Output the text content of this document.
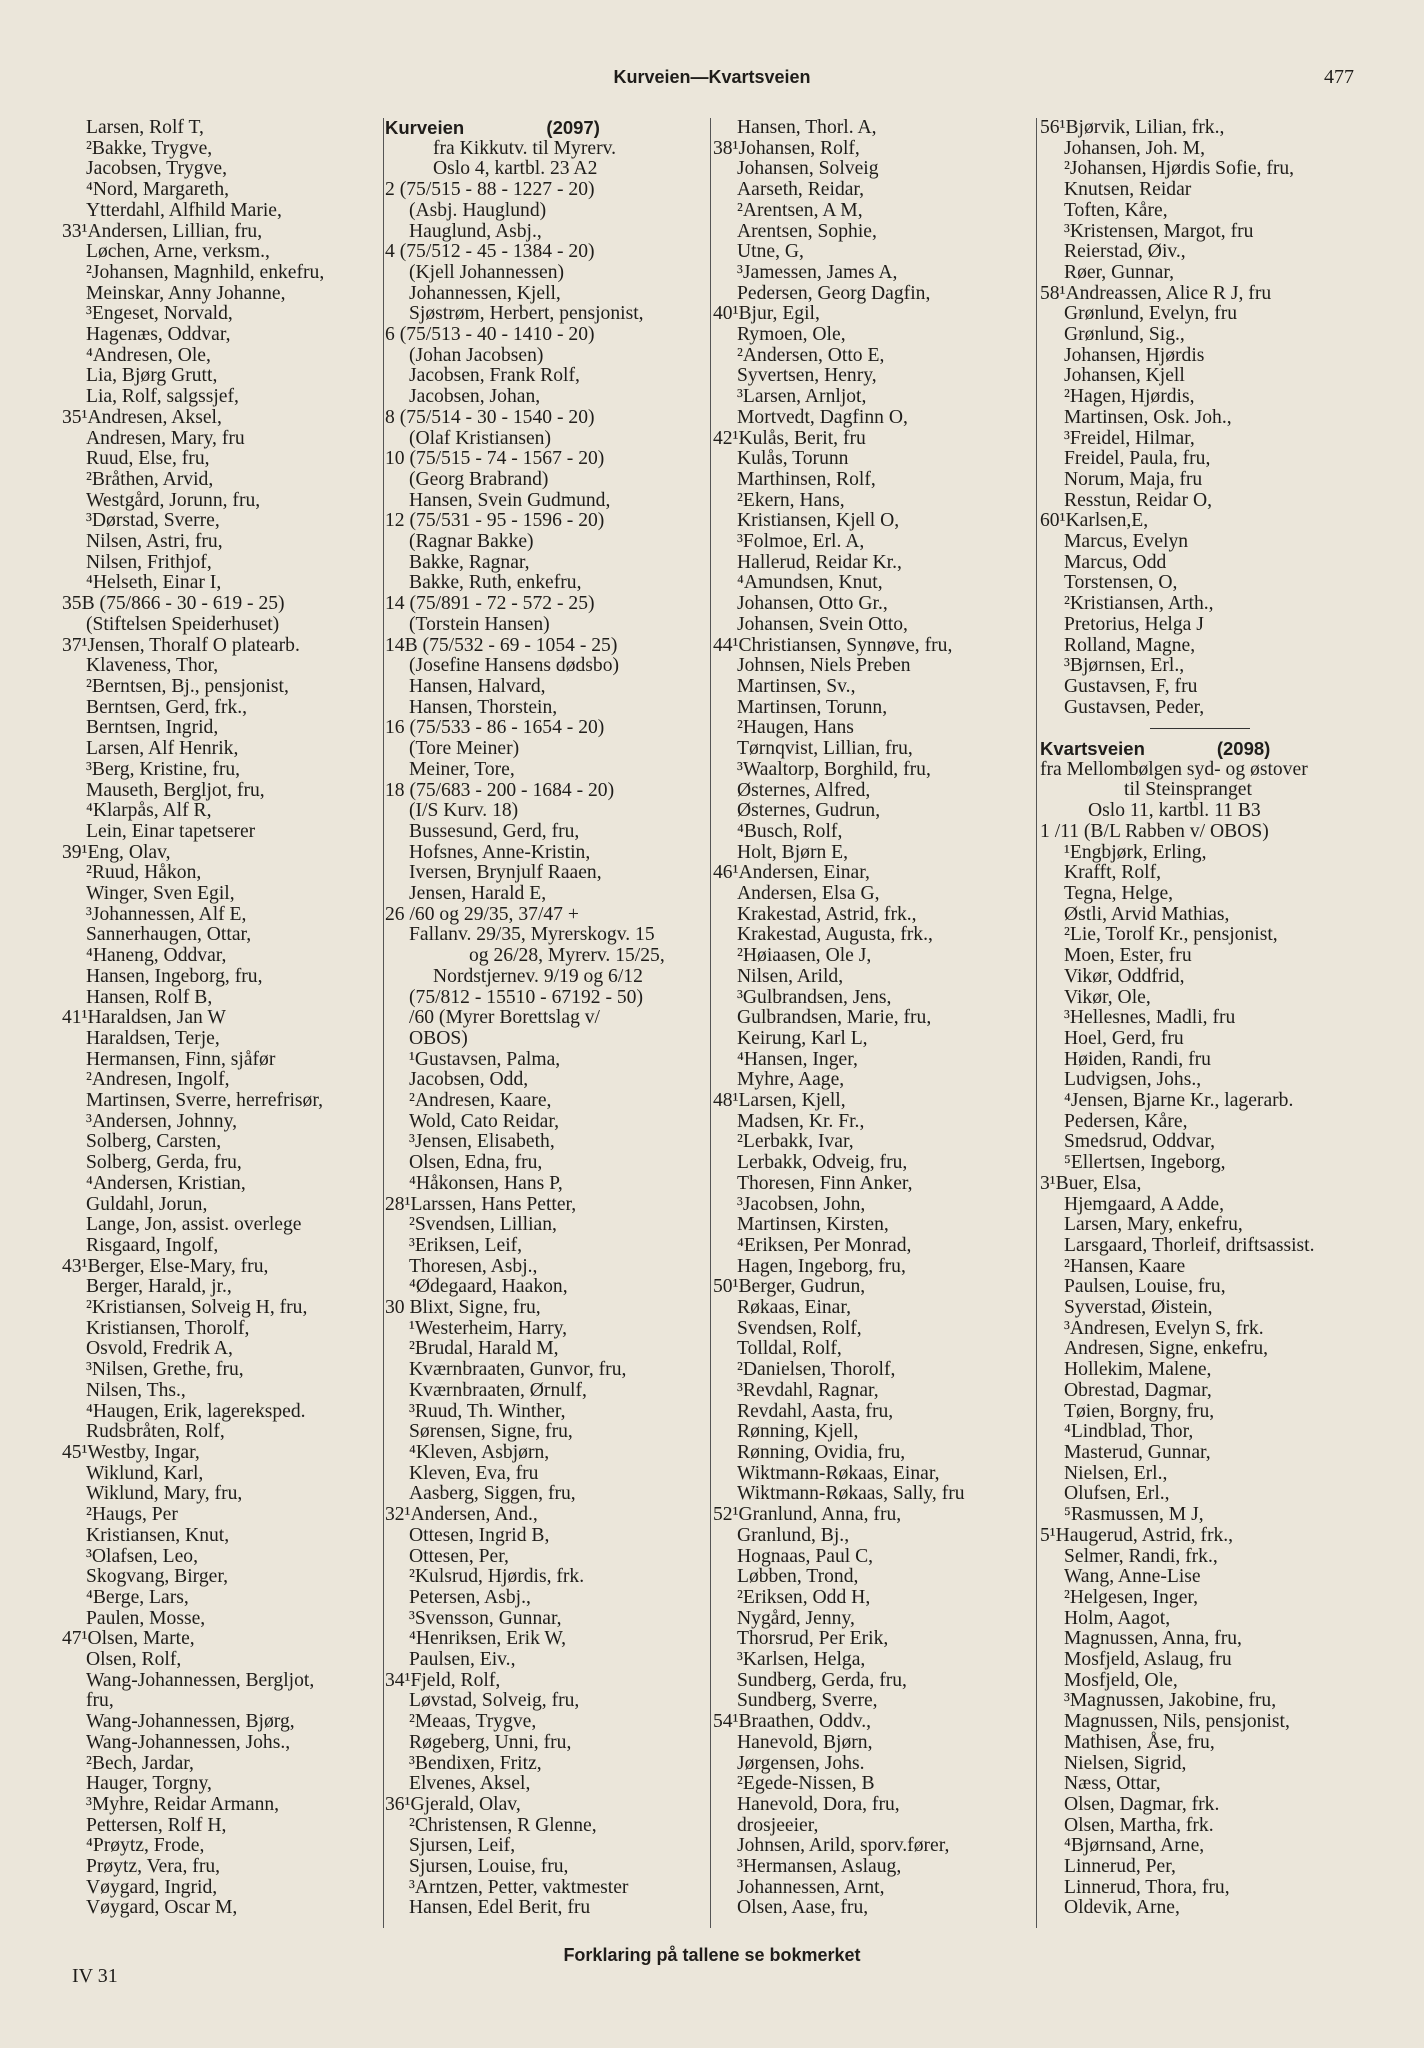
Kurveien—Kvartsveien	477
Larsen, Rolf T,
²Bakke, Trygve,
Jacobsen, Trygve,
⁴Nord, Margareth,
Ytterdahl, Alfhild Marie,
33¹Andersen, Lillian, fru,
Løchen, Arne, verksm.,
²Johansen, Magnhild, enkefru,
Meinskar, Anny Johanne,
³Engeset, Norvald,
Hagenæs, Oddvar,
⁴Andresen, Ole,
Lia, Bjørg Grutt,
Lia, Rolf, salgssjef,
35¹Andresen, Aksel,
Andresen, Mary, fru
Ruud, Else, fru,
²Bråthen, Arvid,
Westgård, Jorunn, fru,
³Dørstad, Sverre,
Nilsen, Astri, fru,
Nilsen, Frithjof,
⁴Helseth, Einar I,
35B (75/866 - 30 - 619 - 25)
(Stiftelsen Speiderhuset)
37¹Jensen, Thoralf O platearb.
Klaveness, Thor,
²Berntsen, Bj., pensjonist,
Berntsen, Gerd, frk.,
Berntsen, Ingrid,
Larsen, Alf Henrik,
³Berg, Kristine, fru,
Mauseth, Bergljot, fru,
⁴Klarpås, Alf R,
Lein, Einar tapetserer
39¹Eng, Olav,
²Ruud, Håkon,
Winger, Sven Egil,
³Johannessen, Alf E,
Sannerhaugen, Ottar,
⁴Haneng, Oddvar,
Hansen, Ingeborg, fru,
Hansen, Rolf B,
41¹Haraldsen, Jan W
Haraldsen, Terje,
Hermansen, Finn, sjåfør
²Andresen, Ingolf,
Martinsen, Sverre, herrefrisør,
³Andersen, Johnny,
Solberg, Carsten,
Solberg, Gerda, fru,
⁴Andersen, Kristian,
Guldahl, Jorun,
Lange, Jon, assist. overlege
Risgaard, Ingolf,
43¹Berger, Else-Mary, fru,
Berger, Harald, jr.,
²Kristiansen, Solveig H, fru,
Kristiansen, Thorolf,
Osvold, Fredrik A,
³Nilsen, Grethe, fru,
Nilsen, Ths.,
⁴Haugen, Erik, lagereksped.
Rudsbråten, Rolf,
45¹Westby, Ingar,
Wiklund, Karl,
Wiklund, Mary, fru,
²Haugs, Per
Kristiansen, Knut,
³Olafsen, Leo,
Skogvang, Birger,
⁴Berge, Lars,
Paulen, Mosse,
47¹Olsen, Marte,
Olsen, Rolf,
Wang-Johannessen, Bergljot,
fru,
Wang-Johannessen, Bjørg,
Wang-Johannessen, Johs.,
²Bech, Jardar,
Hauger, Torgny,
³Myhre, Reidar Armann,
Pettersen, Rolf H,
⁴Prøytz, Frode,
Prøytz, Vera, fru,
Vøygard, Ingrid,
Vøygard, Oscar M,
Kurveien                (2097)
fra Kikkutv. til Myrerv.
Oslo 4, kartbl. 23 A2
2 (75/515 - 88 - 1227 - 20)
(Asbj. Hauglund)
Hauglund, Asbj.,
4 (75/512 - 45 - 1384 - 20)
(Kjell Johannessen)
Johannessen, Kjell,
Sjøstrøm, Herbert, pensjonist,
6 (75/513 - 40 - 1410 - 20)
(Johan Jacobsen)
Jacobsen, Frank Rolf,
Jacobsen, Johan,
8 (75/514 - 30 - 1540 - 20)
(Olaf Kristiansen)
10 (75/515 - 74 - 1567 - 20)
(Georg Brabrand)
Hansen, Svein Gudmund,
12 (75/531 - 95 - 1596 - 20)
(Ragnar Bakke)
Bakke, Ragnar,
Bakke, Ruth, enkefru,
14 (75/891 - 72 - 572 - 25)
(Torstein Hansen)
14B (75/532 - 69 - 1054 - 25)
(Josefine Hansens dødsbo)
Hansen, Halvard,
Hansen, Thorstein,
16 (75/533 - 86 - 1654 - 20)
(Tore Meiner)
Meiner, Tore,
18 (75/683 - 200 - 1684 - 20)
(I/S Kurv. 18)
Bussesund, Gerd, fru,
Hofsnes, Anne-Kristin,
Iversen, Brynjulf Raaen,
Jensen, Harald E,
26 /60 og 29/35, 37/47 +
Fallanv. 29/35, Myrerskogv. 15
og 26/28, Myrerv. 15/25,
Nordstjernev. 9/19 og 6/12
(75/812 - 15510 - 67192 - 50)
/60 (Myrer Borettslag v/
OBOS)
¹Gustavsen, Palma,
Jacobsen, Odd,
²Andresen, Kaare,
Wold, Cato Reidar,
³Jensen, Elisabeth,
Olsen, Edna, fru,
⁴Håkonsen, Hans P,
28¹Larssen, Hans Petter,
²Svendsen, Lillian,
³Eriksen, Leif,
Thoresen, Asbj.,
⁴Ødegaard, Haakon,
30 Blixt, Signe, fru,
¹Westerheim, Harry,
²Brudal, Harald M,
Kværnbraaten, Gunvor, fru,
Kværnbraaten, Ørnulf,
³Ruud, Th. Winther,
Sørensen, Signe, fru,
⁴Kleven, Asbjørn,
Kleven, Eva, fru
Aasberg, Siggen, fru,
32¹Andersen, And.,
Ottesen, Ingrid B,
Ottesen, Per,
²Kulsrud, Hjørdis, frk.
Petersen, Asbj.,
³Svensson, Gunnar,
⁴Henriksen, Erik W,
Paulsen, Eiv.,
34¹Fjeld, Rolf,
Løvstad, Solveig, fru,
²Meaas, Trygve,
Røgeberg, Unni, fru,
³Bendixen, Fritz,
Elvenes, Aksel,
36¹Gjerald, Olav,
²Christensen, R Glenne,
Sjursen, Leif,
Sjursen, Louise, fru,
³Arntzen, Petter, vaktmester
Hansen, Edel Berit, fru
Hansen, Thorl. A,
38¹Johansen, Rolf,
Johansen, Solveig
Aarseth, Reidar,
²Arentsen, A M,
Arentsen, Sophie,
Utne, G,
³Jamessen, James A,
Pedersen, Georg Dagfin,
40¹Bjur, Egil,
Rymoen, Ole,
²Andersen, Otto E,
Syvertsen, Henry,
³Larsen, Arnljot,
Mortvedt, Dagfinn O,
42¹Kulås, Berit, fru
Kulås, Torunn
Marthinsen, Rolf,
²Ekern, Hans,
Kristiansen, Kjell O,
³Folmoe, Erl. A,
Hallerud, Reidar Kr.,
⁴Amundsen, Knut,
Johansen, Otto Gr.,
Johansen, Svein Otto,
44¹Christiansen, Synnøve, fru,
Johnsen, Niels Preben
Martinsen, Sv.,
Martinsen, Torunn,
²Haugen, Hans
Tørnqvist, Lillian, fru,
³Waaltorp, Borghild, fru,
Østernes, Alfred,
Østernes, Gudrun,
⁴Busch, Rolf,
Holt, Bjørn E,
46¹Andersen, Einar,
Andersen, Elsa G,
Krakestad, Astrid, frk.,
Krakestad, Augusta, frk.,
²Høiaasen, Ole J,
Nilsen, Arild,
³Gulbrandsen, Jens,
Gulbrandsen, Marie, fru,
Keirung, Karl L,
⁴Hansen, Inger,
Myhre, Aage,
48¹Larsen, Kjell,
Madsen, Kr. Fr.,
²Lerbakk, Ivar,
Lerbakk, Odveig, fru,
Thoresen, Finn Anker,
³Jacobsen, John,
Martinsen, Kirsten,
⁴Eriksen, Per Monrad,
Hagen, Ingeborg, fru,
50¹Berger, Gudrun,
Røkaas, Einar,
Svendsen, Rolf,
Tolldal, Rolf,
²Danielsen, Thorolf,
³Revdahl, Ragnar,
Revdahl, Aasta, fru,
Rønning, Kjell,
Rønning, Ovidia, fru,
Wiktmann-Røkaas, Einar,
Wiktmann-Røkaas, Sally, fru
52¹Granlund, Anna, fru,
Granlund, Bj.,
Hognaas, Paul C,
Løbben, Trond,
²Eriksen, Odd H,
Nygård, Jenny,
Thorsrud, Per Erik,
³Karlsen, Helga,
Sundberg, Gerda, fru,
Sundberg, Sverre,
54¹Braathen, Oddv.,
Hanevold, Bjørn,
Jørgensen, Johs.
²Egede-Nissen, B
Hanevold, Dora, fru,
drosjeeier,
Johnsen, Arild, sporv.fører,
³Hermansen, Aslaug,
Johannessen, Arnt,
Olsen, Aase, fru,
56¹Bjørvik, Lilian, frk.,
Johansen, Joh. M,
²Johansen, Hjørdis Sofie, fru,
Knutsen, Reidar
Toften, Kåre,
³Kristensen, Margot, fru
Reierstad, Øiv.,
Røer, Gunnar,
58¹Andreassen, Alice R J, fru
Grønlund, Evelyn, fru
Grønlund, Sig.,
Johansen, Hjørdis
Johansen, Kjell
²Hagen, Hjørdis,
Martinsen, Osk. Joh.,
³Freidel, Hilmar,
Freidel, Paula, fru,
Norum, Maja, fru
Resstun, Reidar O,
60¹Karlsen,E,
Marcus, Evelyn
Marcus, Odd
Torstensen, O,
²Kristiansen, Arth.,
Pretorius, Helga J
Rolland, Magne,
³Bjørnsen, Erl.,
Gustavsen, F, fru
Gustavsen, Peder,
Kvartsveien              (2098)
fra Mellombølgen syd- og østover
til Steinspranget
Oslo 11, kartbl. 11 B3
1 /11 (B/L Rabben v/ OBOS)
¹Engbjørk, Erling,
Krafft, Rolf,
Tegna, Helge,
Østli, Arvid Mathias,
²Lie, Torolf Kr., pensjonist,
Moen, Ester, fru
Vikør, Oddfrid,
Vikør, Ole,
³Hellesnes, Madli, fru
Hoel, Gerd, fru
Høiden, Randi, fru
Ludvigsen, Johs.,
⁴Jensen, Bjarne Kr., lagerarb.
Pedersen, Kåre,
Smedsrud, Oddvar,
⁵Ellertsen, Ingeborg,
3¹Buer, Elsa,
Hjemgaard, A Adde,
Larsen, Mary, enkefru,
Larsgaard, Thorleif, driftsassist.
²Hansen, Kaare
Paulsen, Louise, fru,
Syverstad, Øistein,
³Andresen, Evelyn S, frk.
Andresen, Signe, enkefru,
Hollekim, Malene,
Obrestad, Dagmar,
Tøien, Borgny, fru,
⁴Lindblad, Thor,
Masterud, Gunnar,
Nielsen, Erl.,
Olufsen, Erl.,
⁵Rasmussen, M J,
5¹Haugerud, Astrid, frk.,
Selmer, Randi, frk.,
Wang, Anne-Lise
²Helgesen, Inger,
Holm, Aagot,
Magnussen, Anna, fru,
Mosfjeld, Aslaug, fru
Mosfjeld, Ole,
³Magnussen, Jakobine, fru,
Magnussen, Nils, pensjonist,
Mathisen, Åse, fru,
Nielsen, Sigrid,
Næss, Ottar,
Olsen, Dagmar, frk.
Olsen, Martha, frk.
⁴Bjørnsand, Arne,
Linnerud, Per,
Linnerud, Thora, fru,
Oldevik, Arne,
Forklaring på tallene se bokmerket
IV 31
